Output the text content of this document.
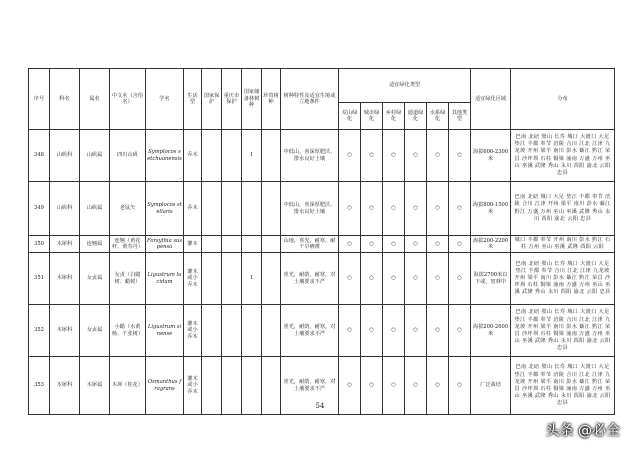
序号	科名	属名	中文名（含俗名）	学名	生活型	国家保护	重庆市保护	国家储备林树种	珍贵树种	树种特性及适宜生境或立地条件	适宜绿化类型						适宜绿化区域	分布
											荒山绿化	城市绿化	乡村绿化	通道绿化	水系绿化	其他类型		
348	山矾科	山矾属	四川山矾	Symplocos setchuanensis	乔木			Ⅰ		中低山，喜深厚肥沃、排水良好土壤	○	○	○	○	○	○	海拔600-2300米	巴南 北碚 璧山 长寿 城口 大渡口 大足 垫江 丰都 奉节 涪陵 合川 江北 江津 九龙坡 开州 梁平 南川 彭水 綦江 黔江 荣昌 沙坪坝 石柱 铜梁 潼南 万盛 万州 巫山 巫溪 武隆 秀山 永川 酉阳 渝北 云阳 忠县
349	山矾科	山矾属	老鼠矢	Symplocos stellaris	乔木					中低山，喜深厚肥沃、排水良好土壤	○	○	○	○	○	○	海拔800-1500米	巴南 北碚 城口 大足 垫江 丰都 奉节 涪陵 合川 江津 开州 梁平 南川 彭水 綦江 黔江 万盛 万州 巫山 巫溪 武隆 秀山 永川 酉阳 渝北 云阳 忠县
350	木犀科	连翘属	连翘（黄花杆、黄寿丹）	Forsythia suspensa	灌木					山地，喜光，耐寒，耐干旱瘠薄	○	○	○	○	○	○	海拔200-2200米	城口 丰都 奉节 开州 南川 彭水 黔江 石柱 万州 巫山 巫溪 武隆 酉阳 云阳
351	木犀科	女贞属	女贞（白蜡树、蜡树）	Ligustrum lucidum	灌木或小乔木			Ⅰ		喜光，耐荫，耐寒，对土壤要求不严	○	○	○	○	○	○	海拔2700米以下或，密林中	巴南 北碚 璧山 长寿 城口 大渡口 大足 垫江 丰都 奉节 合川 江北 江津 九龙坡 开州 梁平 南川 彭水 綦江 黔江 荣昌 沙坪坝 石柱 铜梁 潼南 万盛 万州 巫山 巫溪 武隆 秀山 永川 酉阳 渝北 云阳 忠县
352	木犀科	女贞属	小蜡（水黄杨、千张树）	Ligustrum sinense	灌木或小乔木					喜光，耐荫，耐寒，对土壤要求不严	○	○	○	○	○	○	海拔200-2600米	巴南 北碚 璧山 长寿 城口 大渡口 大足 垫江 丰都 奉节 涪陵 合川 江北 江津 九龙坡 开州 梁平 南川 彭水 綦江 黔江 荣昌 沙坪坝 石柱 铜梁 潼南 万盛 万州 巫山 巫溪 武隆 秀山 永川 酉阳 渝北 云阳 忠县
353	木犀科	木犀属	木犀（桂花）	Osmanthus fragrans	灌木或小乔木					喜光，耐荫，耐寒，对土壤要求不严	○	○	○	○	○	○	广泛栽培	巴南 北碚 璧山 长寿 城口 大渡口 大足 垫江 丰都 奉节 涪陵 合川 江北 江津 九龙坡 开州 梁平 南川 彭水 綦江 黔江 荣昌 沙坪坝 石柱 铜梁 潼南 万盛 万州 巫山 巫溪 武隆 秀山 永川 酉阳 渝北 云阳 忠县
54
头条 @必全
